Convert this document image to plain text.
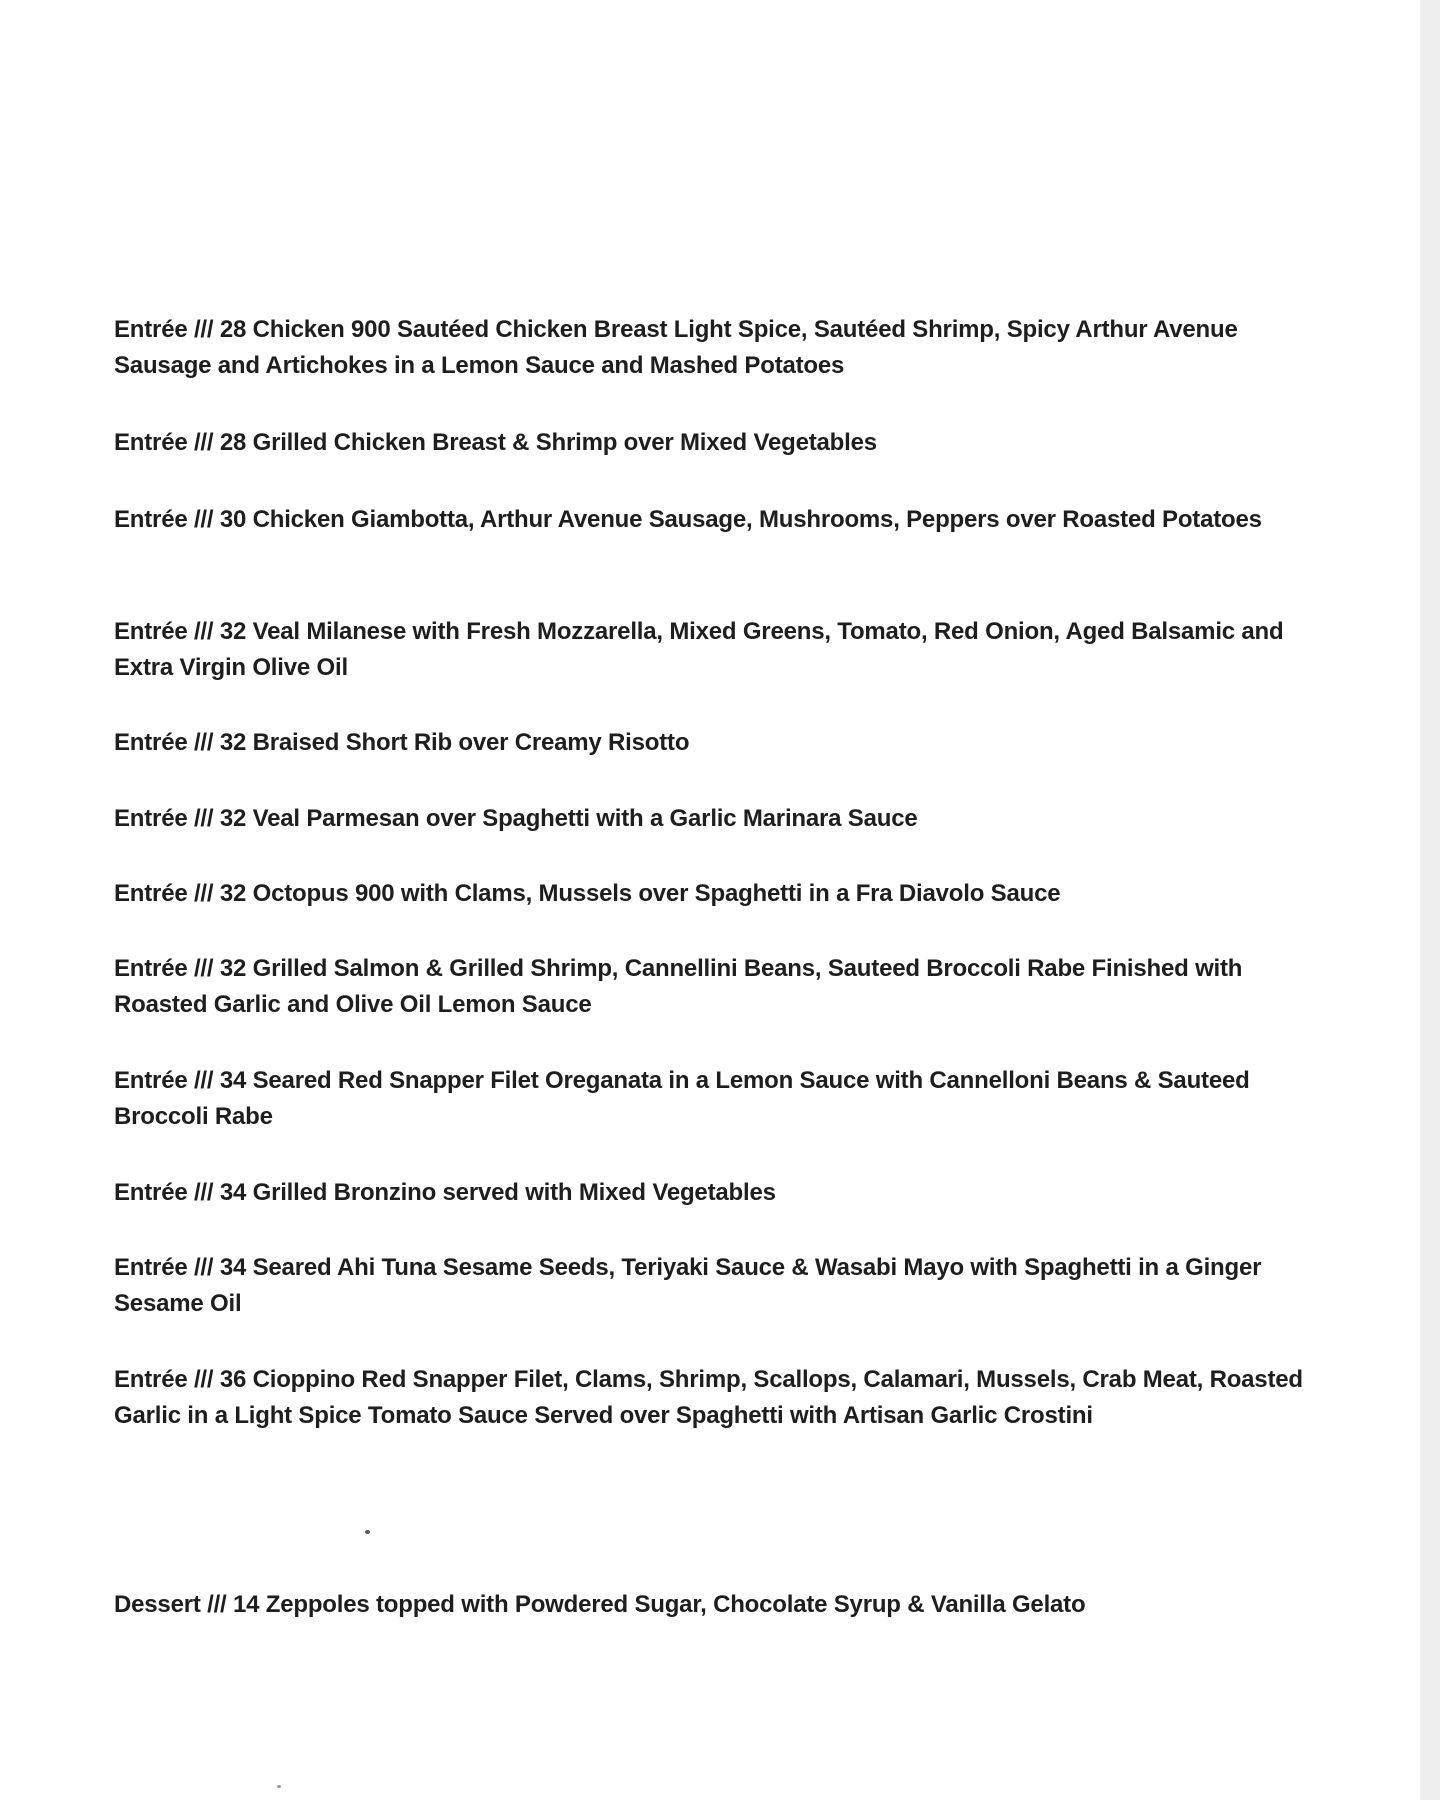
Entrée /// 28 Chicken 900 Sautéed Chicken Breast Light Spice, Sautéed Shrimp, Spicy Arthur Avenue Sausage and Artichokes in a Lemon Sauce and Mashed Potatoes

Entrée /// 28 Grilled Chicken Breast & Shrimp over Mixed Vegetables

Entrée /// 30 Chicken Giambotta, Arthur Avenue Sausage, Mushrooms, Peppers over Roasted Potatoes

Entrée /// 32 Veal Milanese with Fresh Mozzarella, Mixed Greens, Tomato, Red Onion, Aged Balsamic and Extra Virgin Olive Oil

Entrée /// 32 Braised Short Rib over Creamy Risotto

Entrée /// 32 Veal Parmesan over Spaghetti with a Garlic Marinara Sauce

Entrée /// 32 Octopus 900 with Clams, Mussels over Spaghetti in a Fra Diavolo Sauce

Entrée /// 32 Grilled Salmon & Grilled Shrimp, Cannellini Beans, Sauteed Broccoli Rabe Finished with Roasted Garlic and Olive Oil Lemon Sauce

Entrée /// 34 Seared Red Snapper Filet Oreganata in a Lemon Sauce with Cannelloni Beans & Sauteed Broccoli Rabe

Entrée /// 34 Grilled Bronzino served with Mixed Vegetables

Entrée /// 34 Seared Ahi Tuna Sesame Seeds, Teriyaki Sauce & Wasabi Mayo with Spaghetti in a Ginger Sesame Oil

Entrée /// 36 Cioppino Red Snapper Filet, Clams, Shrimp, Scallops, Calamari, Mussels, Crab Meat, Roasted Garlic in a Light Spice Tomato Sauce Served over Spaghetti with Artisan Garlic Crostini

Dessert /// 14 Zeppoles topped with Powdered Sugar, Chocolate Syrup & Vanilla Gelato
